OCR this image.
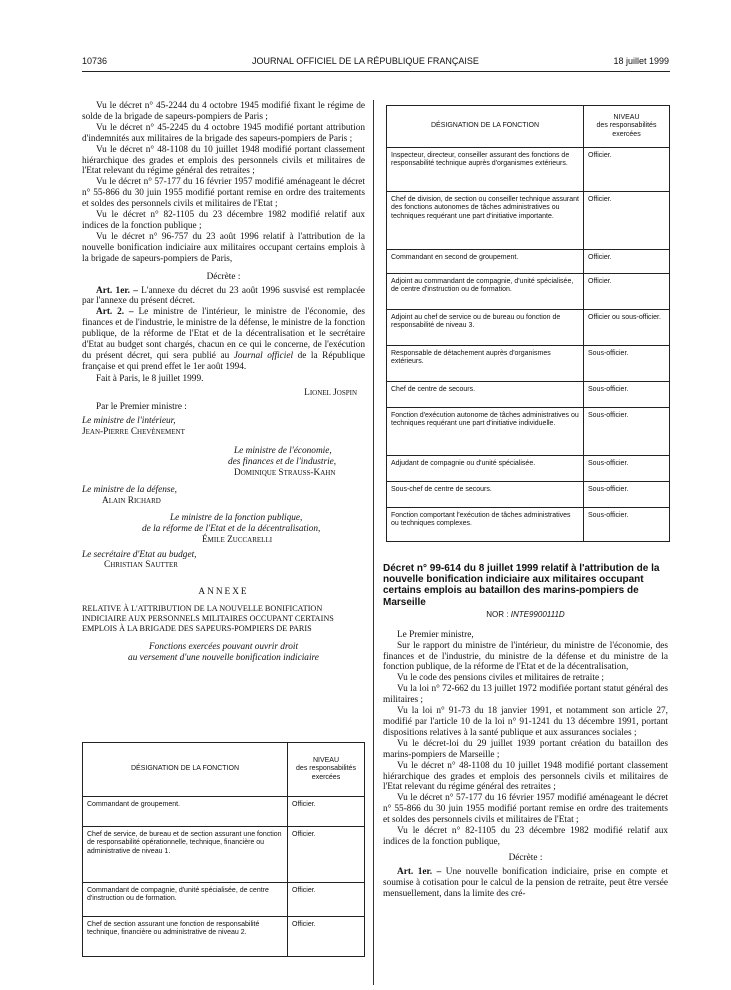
10736	JOURNAL OFFICIEL DE LA RÉPUBLIQUE FRANÇAISE	18 juillet 1999

Vu le décret n° 45-2244 du 4 octobre 1945 modifié fixant le régime de solde de la brigade de sapeurs-pompiers de Paris ;

Vu le décret n° 45-2245 du 4 octobre 1945 modifié portant attribution d'indemnités aux militaires de la brigade des sapeurs-pompiers de Paris ;

Vu le décret n° 48-1108 du 10 juillet 1948 modifié portant classement hiérarchique des grades et emplois des personnels civils et militaires de l'Etat relevant du régime général des retraites ;

Vu le décret n° 57-177 du 16 février 1957 modifié aménageant le décret n° 55-866 du 30 juin 1955 modifié portant remise en ordre des traitements et soldes des personnels civils et militaires de l'Etat ;

Vu le décret n° 82-1105 du 23 décembre 1982 modifié relatif aux indices de la fonction publique ;

Vu le décret n° 96-757 du 23 août 1996 relatif à l'attribution de la nouvelle bonification indiciaire aux militaires occupant certains emplois à la brigade de sapeurs-pompiers de Paris,

Décrète :

Art. 1er. – L'annexe du décret du 23 août 1996 susvisé est remplacée par l'annexe du présent décret.

Art. 2. – Le ministre de l'intérieur, le ministre de l'économie, des finances et de l'industrie, le ministre de la défense, le ministre de la fonction publique, de la réforme de l'Etat et de la décentralisation et le secrétaire d'Etat au budget sont chargés, chacun en ce qui le concerne, de l'exécution du présent décret, qui sera publié au Journal officiel de la République française et qui prend effet le 1er août 1994.

Fait à Paris, le 8 juillet 1999.

Lionel Jospin
Par le Premier ministre :
Le ministre de l'intérieur,
Jean-Pierre Chevènement
Le ministre de l'économie,
des finances et de l'industrie,
Dominique Strauss-Kahn
Le ministre de la défense,
Alain Richard
Le ministre de la fonction publique,
de la réforme de l'Etat et de la décentralisation,
Émile Zuccarelli
Le secrétaire d'Etat au budget,
Christian Sautter
ANNEXE
RELATIVE À L'ATTRIBUTION DE LA NOUVELLE BONIFICATION INDICIAIRE AUX PERSONNELS MILITAIRES OCCUPANT CERTAINS EMPLOIS À LA BRIGADE DES SAPEURS-POMPIERS DE PARIS
Fonctions exercées pouvant ouvrir droit
au versement d'une nouvelle bonification indiciaire
DÉSIGNATION DE LA FONCTION	NIVEAU
des responsabilités
exercées

Commandant de groupement.	Officier.
Chef de service, de bureau et de section assurant une fonction de responsabilité opérationnelle, technique, financière ou administrative de niveau 1.	Officier.
Commandant de compagnie, d'unité spécialisée, de centre d'instruction ou de formation.	Officier.
Chef de section assurant une fonction de responsabilité technique, financière ou administrative de niveau 2.	Officier.
DÉSIGNATION DE LA FONCTION	NIVEAU
des responsabilités
exercées

Inspecteur, directeur, conseiller assurant des fonctions de responsabilité technique auprès d'organismes extérieurs.	Officier.
Chef de division, de section ou conseiller technique assurant des fonctions autonomes de tâches administratives ou techniques requérant une part d'initiative importante.	Officier.
Commandant en second de groupement.	Officier.
Adjoint au commandant de compagnie, d'unité spécialisée, de centre d'instruction ou de formation.	Officier.
Adjoint au chef de service ou de bureau ou fonction de responsabilité de niveau 3.	Officier ou sous-officier.
Responsable de détachement auprès d'organismes extérieurs.	Sous-officier.
Chef de centre de secours.	Sous-officier.
Fonction d'exécution autonome de tâches administratives ou techniques requérant une part d'initiative individuelle.	Sous-officier.
Adjudant de compagnie ou d'unité spécialisée.	Sous-officier.
Sous-chef de centre de secours.	Sous-officier.
Fonction comportant l'exécution de tâches administratives ou techniques complexes.	Sous-officier.
Décret n° 99-614 du 8 juillet 1999 relatif à l'attribution de la nouvelle bonification indiciaire aux militaires occupant certains emplois au bataillon des marins-pompiers de Marseille
NOR : INTE9900111D

Le Premier ministre,

Sur le rapport du ministre de l'intérieur, du ministre de l'économie, des finances et de l'industrie, du ministre de la défense et du ministre de la fonction publique, de la réforme de l'Etat et de la décentralisation,

Vu le code des pensions civiles et militaires de retraite ;

Vu la loi n° 72-662 du 13 juillet 1972 modifiée portant statut général des militaires ;

Vu la loi n° 91-73 du 18 janvier 1991, et notamment son article 27, modifié par l'article 10 de la loi n° 91-1241 du 13 décembre 1991, portant dispositions relatives à la santé publique et aux assurances sociales ;

Vu le décret-loi du 29 juillet 1939 portant création du bataillon des marins-pompiers de Marseille ;

Vu le décret n° 48-1108 du 10 juillet 1948 modifié portant classement hiérarchique des grades et emplois des personnels civils et militaires de l'Etat relevant du régime général des retraites ;

Vu le décret n° 57-177 du 16 février 1957 modifié aménageant le décret n° 55-866 du 30 juin 1955 modifié portant remise en ordre des traitements et soldes des personnels civils et militaires de l'Etat ;

Vu le décret n° 82-1105 du 23 décembre 1982 modifié relatif aux indices de la fonction publique,

Décrète :

Art. 1er. – Une nouvelle bonification indiciaire, prise en compte et soumise à cotisation pour le calcul de la pension de retraite, peut être versée mensuellement, dans la limite des cré-
